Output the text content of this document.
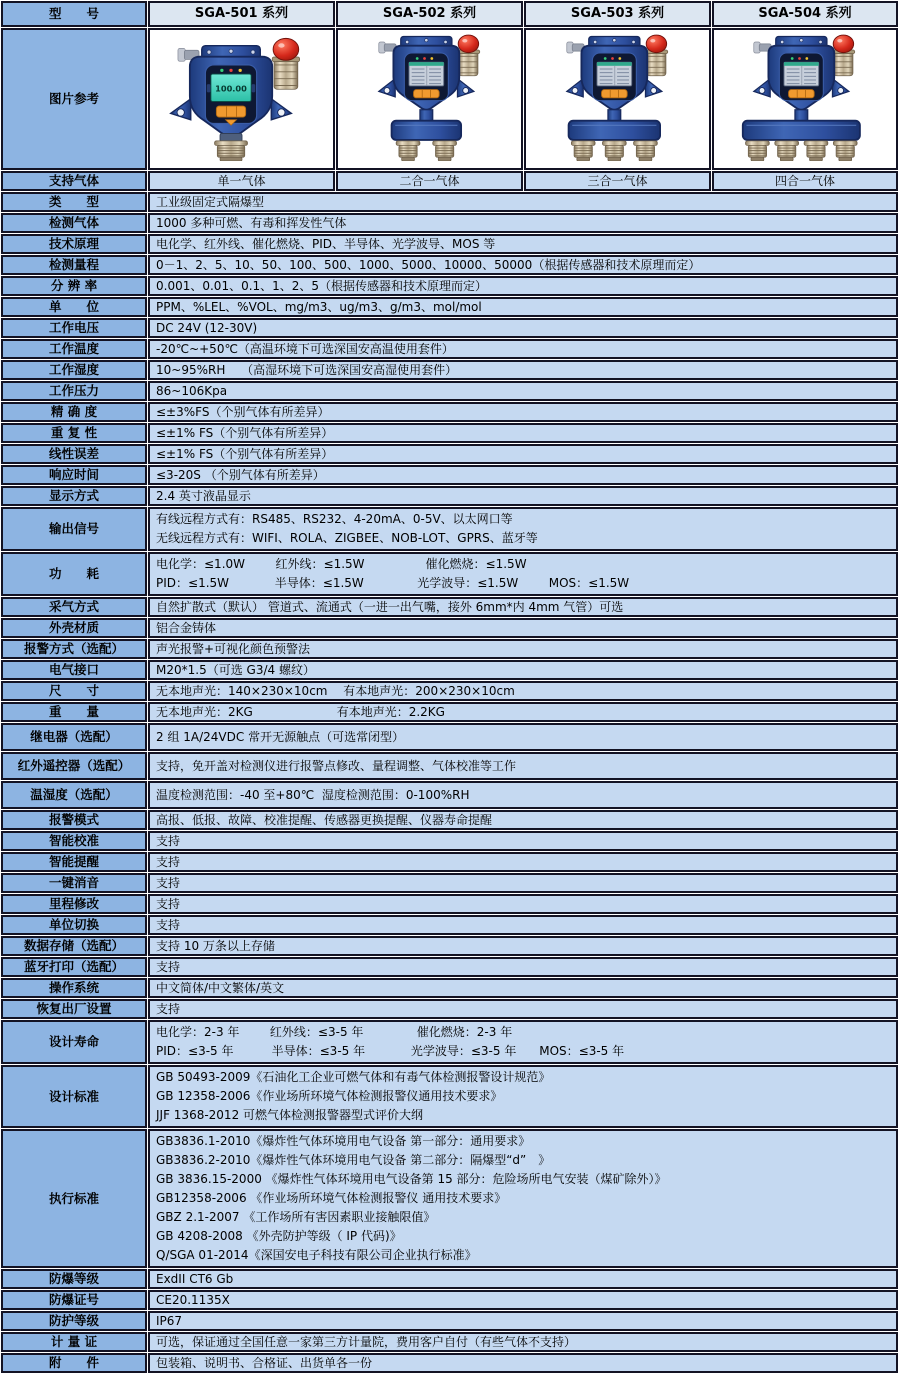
型　　号	SGA-501 系列	SGA-502 系列	SGA-503 系列	SGA-504 系列
图片参考	100.00

支持气体	单一气体	二合一气体	三合一气体	四合一气体
类　　型	工业级固定式隔爆型			

检测气体	1000 多种可燃、有毒和挥发性气体			

技术原理	电化学、红外线、催化燃烧、PID、半导体、光学波导、MOS 等			

检测量程	0－1、2、5、10、50、100、500、1000、5000、10000、50000（根据传感器和技术原理而定）			

分 辨 率	0.001、0.01、0.1、1、2、5（根据传感器和技术原理而定）			

单　　位	PPM、%LEL、%VOL、mg/m3、ug/m3、g/m3、mol/mol			

工作电压	DC 24V (12-30V)			

工作温度	-20℃~+50℃（高温环境下可选深国安高温使用套件）			

工作湿度	10~95%RH　 （高湿环境下可选深国安高湿使用套件）			

工作压力	86~106Kpa			

精 确 度	≤±3%FS（个别气体有所差异）			

重 复 性	≤±1% FS（个别气体有所差异）			

线性误差	≤±1% FS（个别气体有所差异）			

响应时间	≤3-20S （个别气体有所差异）			

显示方式	2.4 英寸液晶显示			

输出信号	有线远程方式有：RS485、RS232、4-20mA、0-5V、以太网口等
无线远程方式有：WIFI、ROLA、ZIGBEE、NOB-LOT、GPRS、蓝牙等			

功　　耗	电化学：≤1.0W        红外线：≤1.5W                催化燃烧：≤1.5W
PID：≤1.5W            半导体：≤1.5W              光学波导：≤1.5W        MOS：≤1.5W			

采气方式	自然扩散式（默认） 管道式、流通式（一进一出气嘴，接外 6mm*内 4mm 气管）可选			

外壳材质	铝合金铸体			

报警方式（选配）	声光报警+可视化颜色预警法			

电气接口	M20*1.5（可选 G3/4 螺纹）			

尺　　寸	无本地声光：140×230×10cm　 有本地声光：200×230×10cm			

重　　量	无本地声光：2KG                      有本地声光：2.2KG			

继电器（选配）	2 组 1A/24VDC 常开无源触点（可选常闭型）			

红外遥控器（选配）	支持，免开盖对检测仪进行报警点修改、量程调整、气体校准等工作			

温湿度（选配）	温度检测范围：-40 至+80℃  湿度检测范围：0-100%RH			

报警模式	高报、低报、故障、校准提醒、传感器更换提醒、仪器寿命提醒			

智能校准	支持			

智能提醒	支持			

一键消音	支持			

里程修改	支持			

单位切换	支持			

数据存储（选配）	支持 10 万条以上存储			

蓝牙打印（选配）	支持			

操作系统	中文简体/中文繁体/英文			

恢复出厂设置	支持			

设计寿命	电化学：2-3 年        红外线：≤3-5 年              催化燃烧：2-3 年
PID：≤3-5 年          半导体：≤3-5 年            光学波导：≤3-5 年      MOS：≤3-5 年			

设计标准	GB 50493-2009《石油化工企业可燃气体和有毒气体检测报警设计规范》
GB 12358-2006《作业场所环境气体检测报警仪通用技术要求》
JJF 1368-2012 可燃气体检测报警器型式评价大纲			

执行标准	
GB3836.1-2010《爆炸性气体环境用电气设备 第一部分：通用要求》
GB3836.2-2010《爆炸性气体环境用电气设备 第二部分：隔爆型“d”　》
GB 3836.15-2000 《爆炸性气体环境用电气设备第 15 部分：危险场所电气安装（煤矿除外）》
GB12358-2006 《作业场所环境气体检测报警仪 通用技术要求》
GBZ 2.1-2007 《工作场所有害因素职业接触限值》
GB 4208-2008 《外壳防护等级（ IP 代码)》
Q/SGA 01-2014《深国安电子科技有限公司企业执行标准》

防爆等级	ExdII CT6 Gb			

防爆证号	CE20.1135X			

防护等级	IP67			

计 量 证	可选，保证通过全国任意一家第三方计量院，费用客户自付（有些气体不支持）			

附　　件	包装箱、说明书、合格证、出货单各一份			
